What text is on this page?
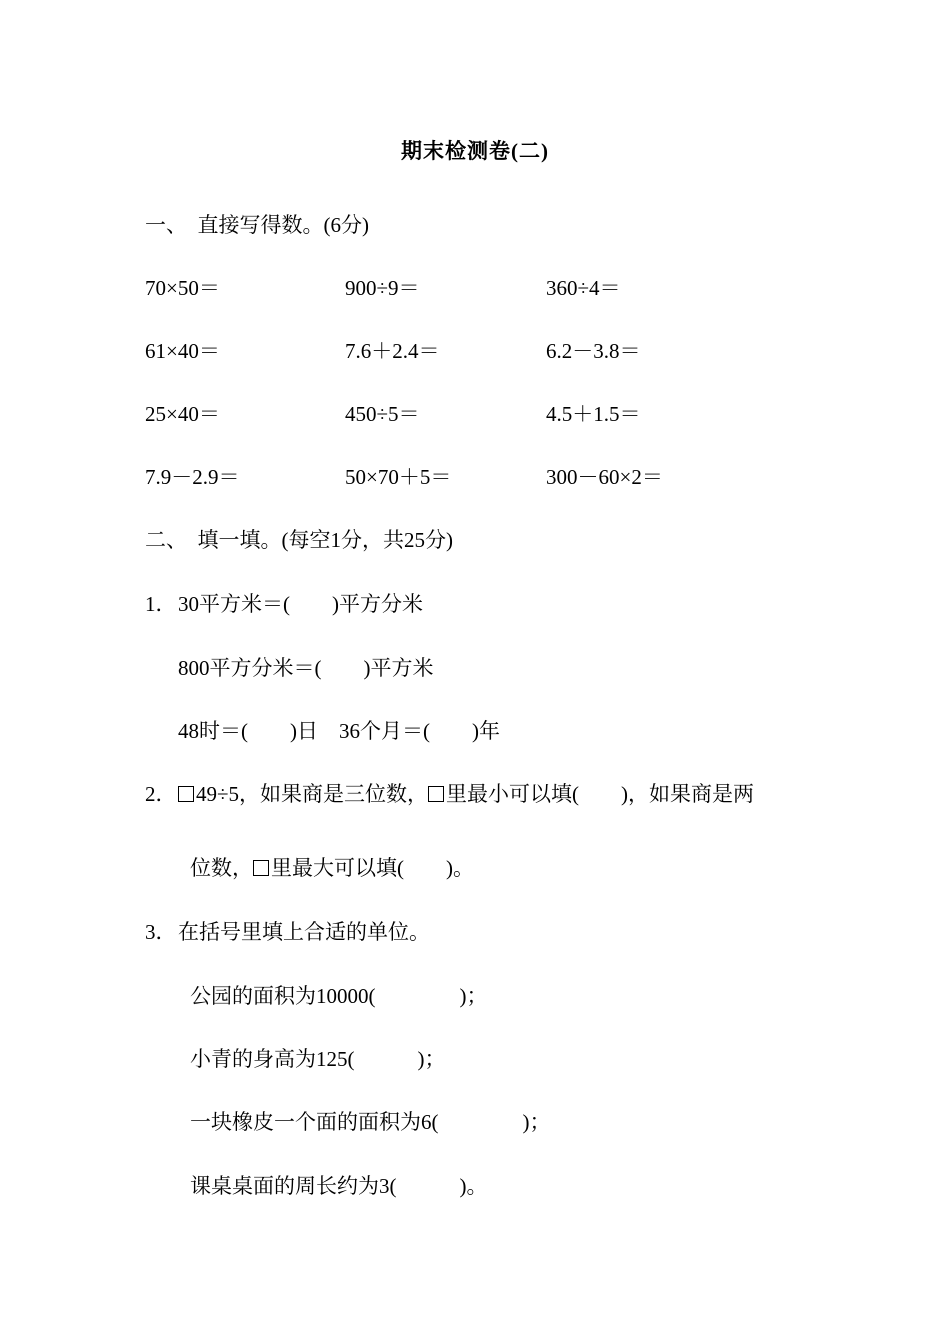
期末检测卷(二)
一、　直接写得数。(6分)
70×50＝	900÷9＝	360÷4＝
61×40＝	7.6＋2.4＝	6.2－3.8＝
25×40＝	450÷5＝	4.5＋1.5＝
7.9－2.9＝	50×70＋5＝	300－60×2＝
二、　填一填。(每空1分，共25分)
1． 30平方米＝(　　)平方分米
800平方分米＝(　　)平方米
48时＝(　　)日　36个月＝(　　)年
2． 49÷5，如果商是三位数， 里最小可以填(　　)，如果商是两
位数， 里最大可以填(　　)。
3． 在括号里填上合适的单位。
公园的面积为10000(　　　　)；
小青的身高为125(　　　)；
一块橡皮一个面的面积为6(　　　　)；
课桌桌面的周长约为3(　　　)。
